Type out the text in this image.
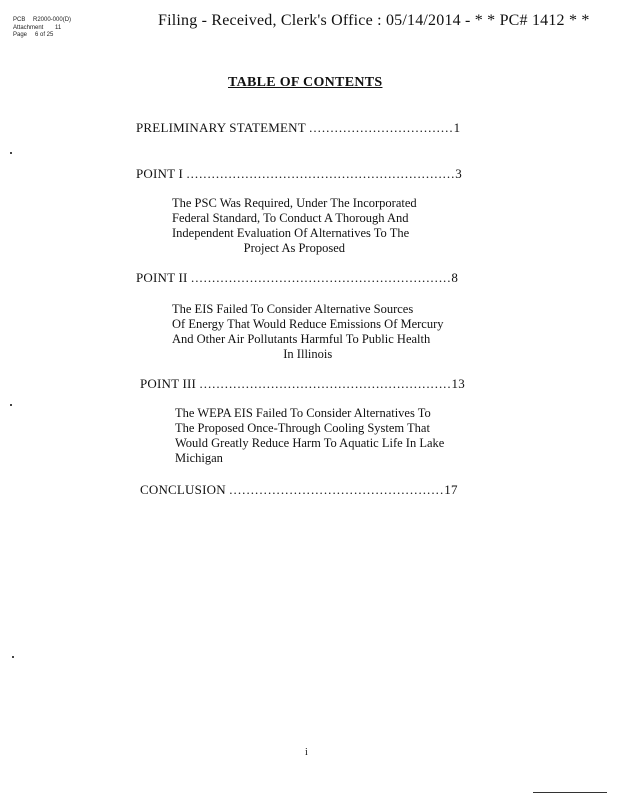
PCB R2000-000(D)
Attachment 11
Page 6 of 25
Filing - Received, Clerk's Office : 05/14/2014 - * * PC# 1412 * *
TABLE OF CONTENTS
PRELIMINARY STATEMENT ..................................1
POINT I ................................................................3
The PSC Was Required, Under The Incorporated
Federal Standard, To Conduct A Thorough And
Independent Evaluation Of Alternatives To The
Project As Proposed
POINT II ..............................................................8
The EIS Failed To Consider Alternative Sources
Of Energy That Would Reduce Emissions Of Mercury
And Other Air Pollutants Harmful To Public Health
In Illinois
POINT III ............................................................13
The WEPA EIS Failed To Consider Alternatives To
The Proposed Once-Through Cooling System That
Would Greatly Reduce Harm To Aquatic Life In Lake
Michigan
CONCLUSION ..................................................17
i
